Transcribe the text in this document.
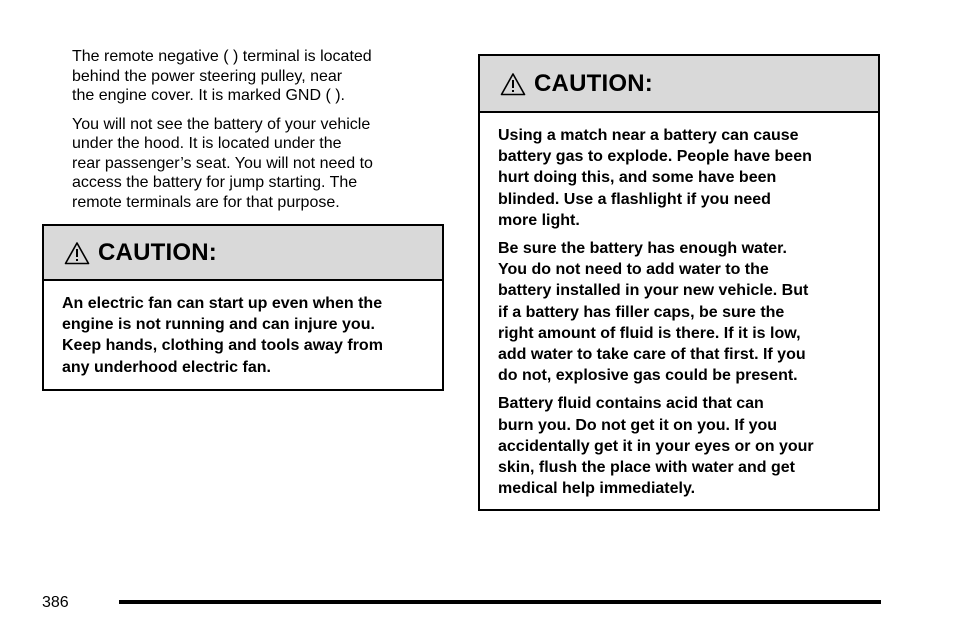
The remote negative ( ) terminal is located
behind the power steering pulley, near
the engine cover. It is marked GND ( ).

You will not see the battery of your vehicle
under the hood. It is located under the
rear passenger’s seat. You will not need to
access the battery for jump starting. The
remote terminals are for that purpose.

CAUTION:

An electric fan can start up even when the
engine is not running and can injure you.
Keep hands, clothing and tools away from
any underhood electric fan.

CAUTION:

Using a match near a battery can cause
battery gas to explode. People have been
hurt doing this, and some have been
blinded. Use a flashlight if you need
more light.

Be sure the battery has enough water.
You do not need to add water to the
battery installed in your new vehicle. But
if a battery has filler caps, be sure the
right amount of fluid is there. If it is low,
add water to take care of that first. If you
do not, explosive gas could be present.

Battery fluid contains acid that can
burn you. Do not get it on you. If you
accidentally get it in your eyes or on your
skin, flush the place with water and get
medical help immediately.

386
